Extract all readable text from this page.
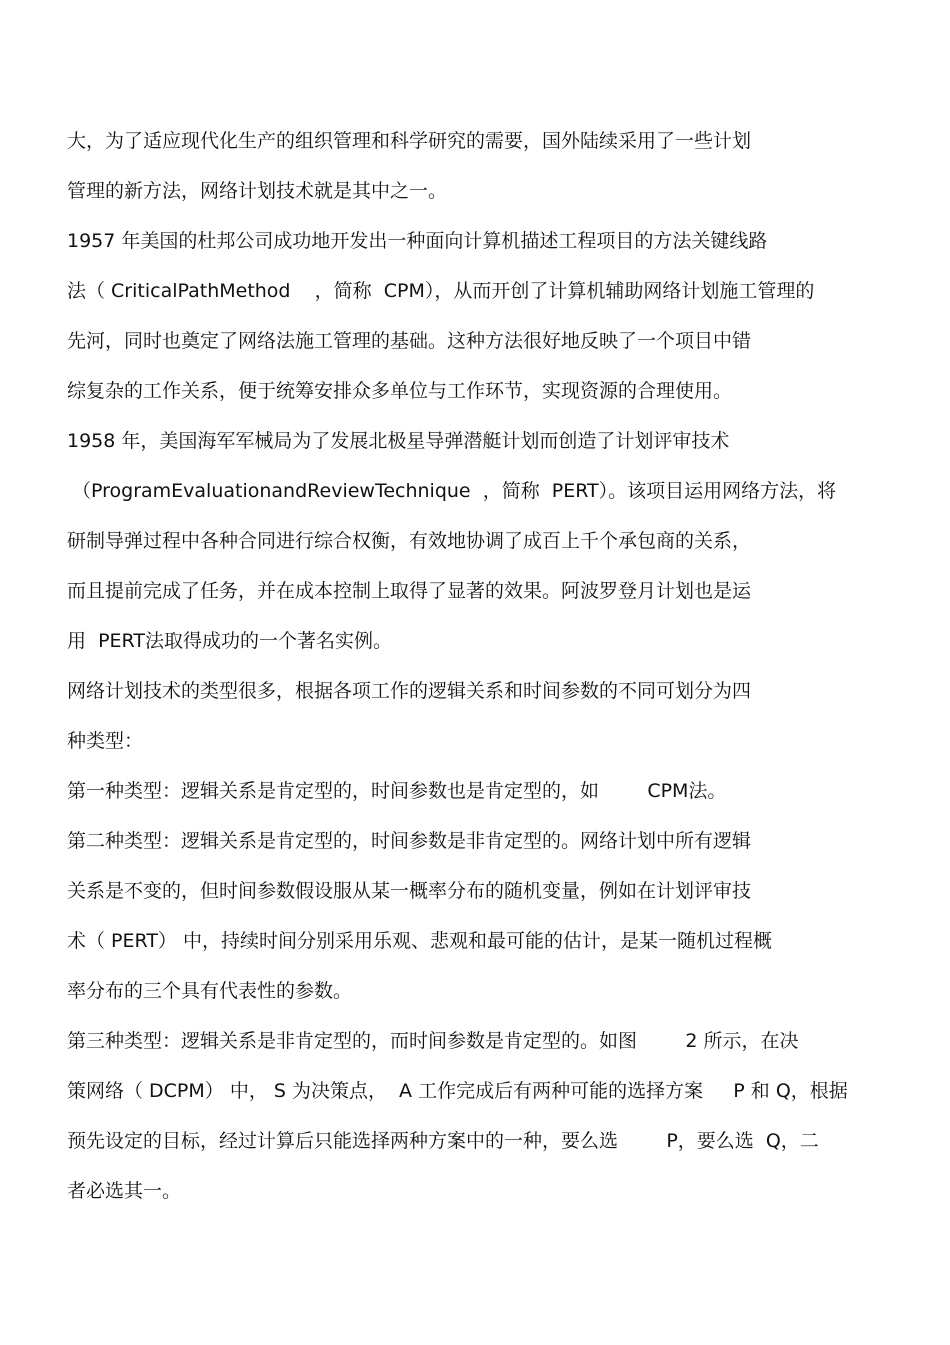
大，为了适应现代化生产的组织管理和科学研究的需要，国外陆续采用了一些计划
管理的新方法，网络计划技术就是其中之一。
1957 年美国的杜邦公司成功地开发出一种面向计算机描述工程项目的方法关键线路
法（ CriticalPathMethod    ，简称  CPM），从而开创了计算机辅助网络计划施工管理的
先河，同时也奠定了网络法施工管理的基础。这种方法很好地反映了一个项目中错
综复杂的工作关系，便于统筹安排众多单位与工作环节，实现资源的合理使用。
1958 年，美国海军军械局为了发展北极星导弹潜艇计划而创造了计划评审技术
（ProgramEvaluationandReviewTechnique  ，简称  PERT）。该项目运用网络方法，将
研制导弹过程中各种合同进行综合权衡，有效地协调了成百上千个承包商的关系，
而且提前完成了任务，并在成本控制上取得了显著的效果。阿波罗登月计划也是运
用  PERT法取得成功的一个著名实例。
网络计划技术的类型很多，根据各项工作的逻辑关系和时间参数的不同可划分为四
种类型：
第一种类型：逻辑关系是肯定型的，时间参数也是肯定型的，如        CPM法。
第二种类型：逻辑关系是肯定型的，时间参数是非肯定型的。网络计划中所有逻辑
关系是不变的，但时间参数假设服从某一概率分布的随机变量，例如在计划评审技
术（ PERT） 中，持续时间分别采用乐观、悲观和最可能的估计，是某一随机过程概
率分布的三个具有代表性的参数。
第三种类型：逻辑关系是非肯定型的，而时间参数是肯定型的。如图        2 所示，在决
策网络（ DCPM） 中， S 为决策点，  A 工作完成后有两种可能的选择方案     P 和 Q，根据
预先设定的目标，经过计算后只能选择两种方案中的一种，要么选        P，要么选  Q，二
者必选其一。
